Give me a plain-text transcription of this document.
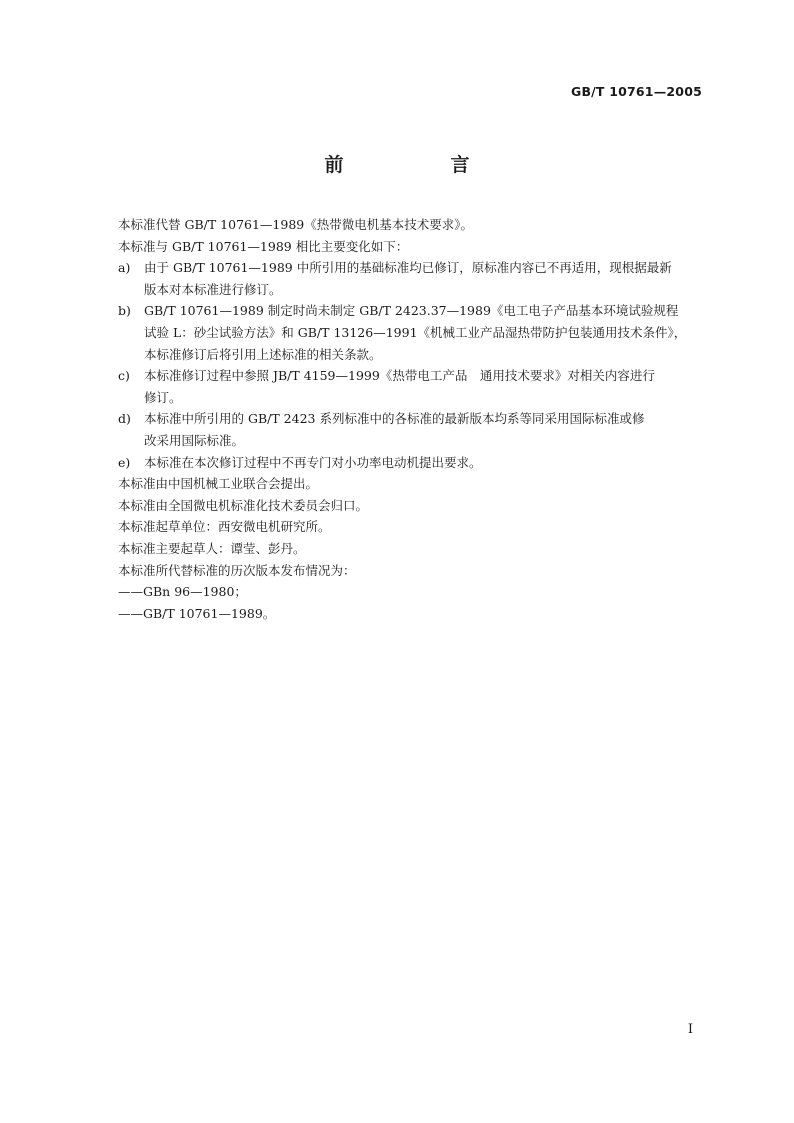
GB/T 10761—2005
前　言

本标准代替 GB/T 10761—1989《热带微电机基本技术要求》。

本标准与 GB/T 10761—1989 相比主要变化如下：

a)	由于 GB/T 10761—1989 中所引用的基础标准均已修订，原标准内容已不再适用，现根据最新
版本对本标准进行修订。
b)	GB/T 10761—1989 制定时尚未制定 GB/T 2423.37—1989《电工电子产品基本环境试验规程
试验 L：砂尘试验方法》和 GB/T 13126—1991《机械工业产品湿热带防护包装通用技术条件》，
本标准修订后将引用上述标准的相关条款。
c)	本标准修订过程中参照 JB/T 4159—1999《热带电工产品　通用技术要求》对相关内容进行
修订。
d)	本标准中所引用的 GB/T 2423 系列标准中的各标准的最新版本均系等同采用国际标准或修
改采用国际标准。
e)	本标准在本次修订过程中不再专门对小功率电动机提出要求。

本标准由中国机械工业联合会提出。

本标准由全国微电机标准化技术委员会归口。

本标准起草单位：西安微电机研究所。

本标准主要起草人：谭莹、彭丹。

本标准所代替标准的历次版本发布情况为：

——GBn 96—1980；

——GB/T 10761—1989。

I
